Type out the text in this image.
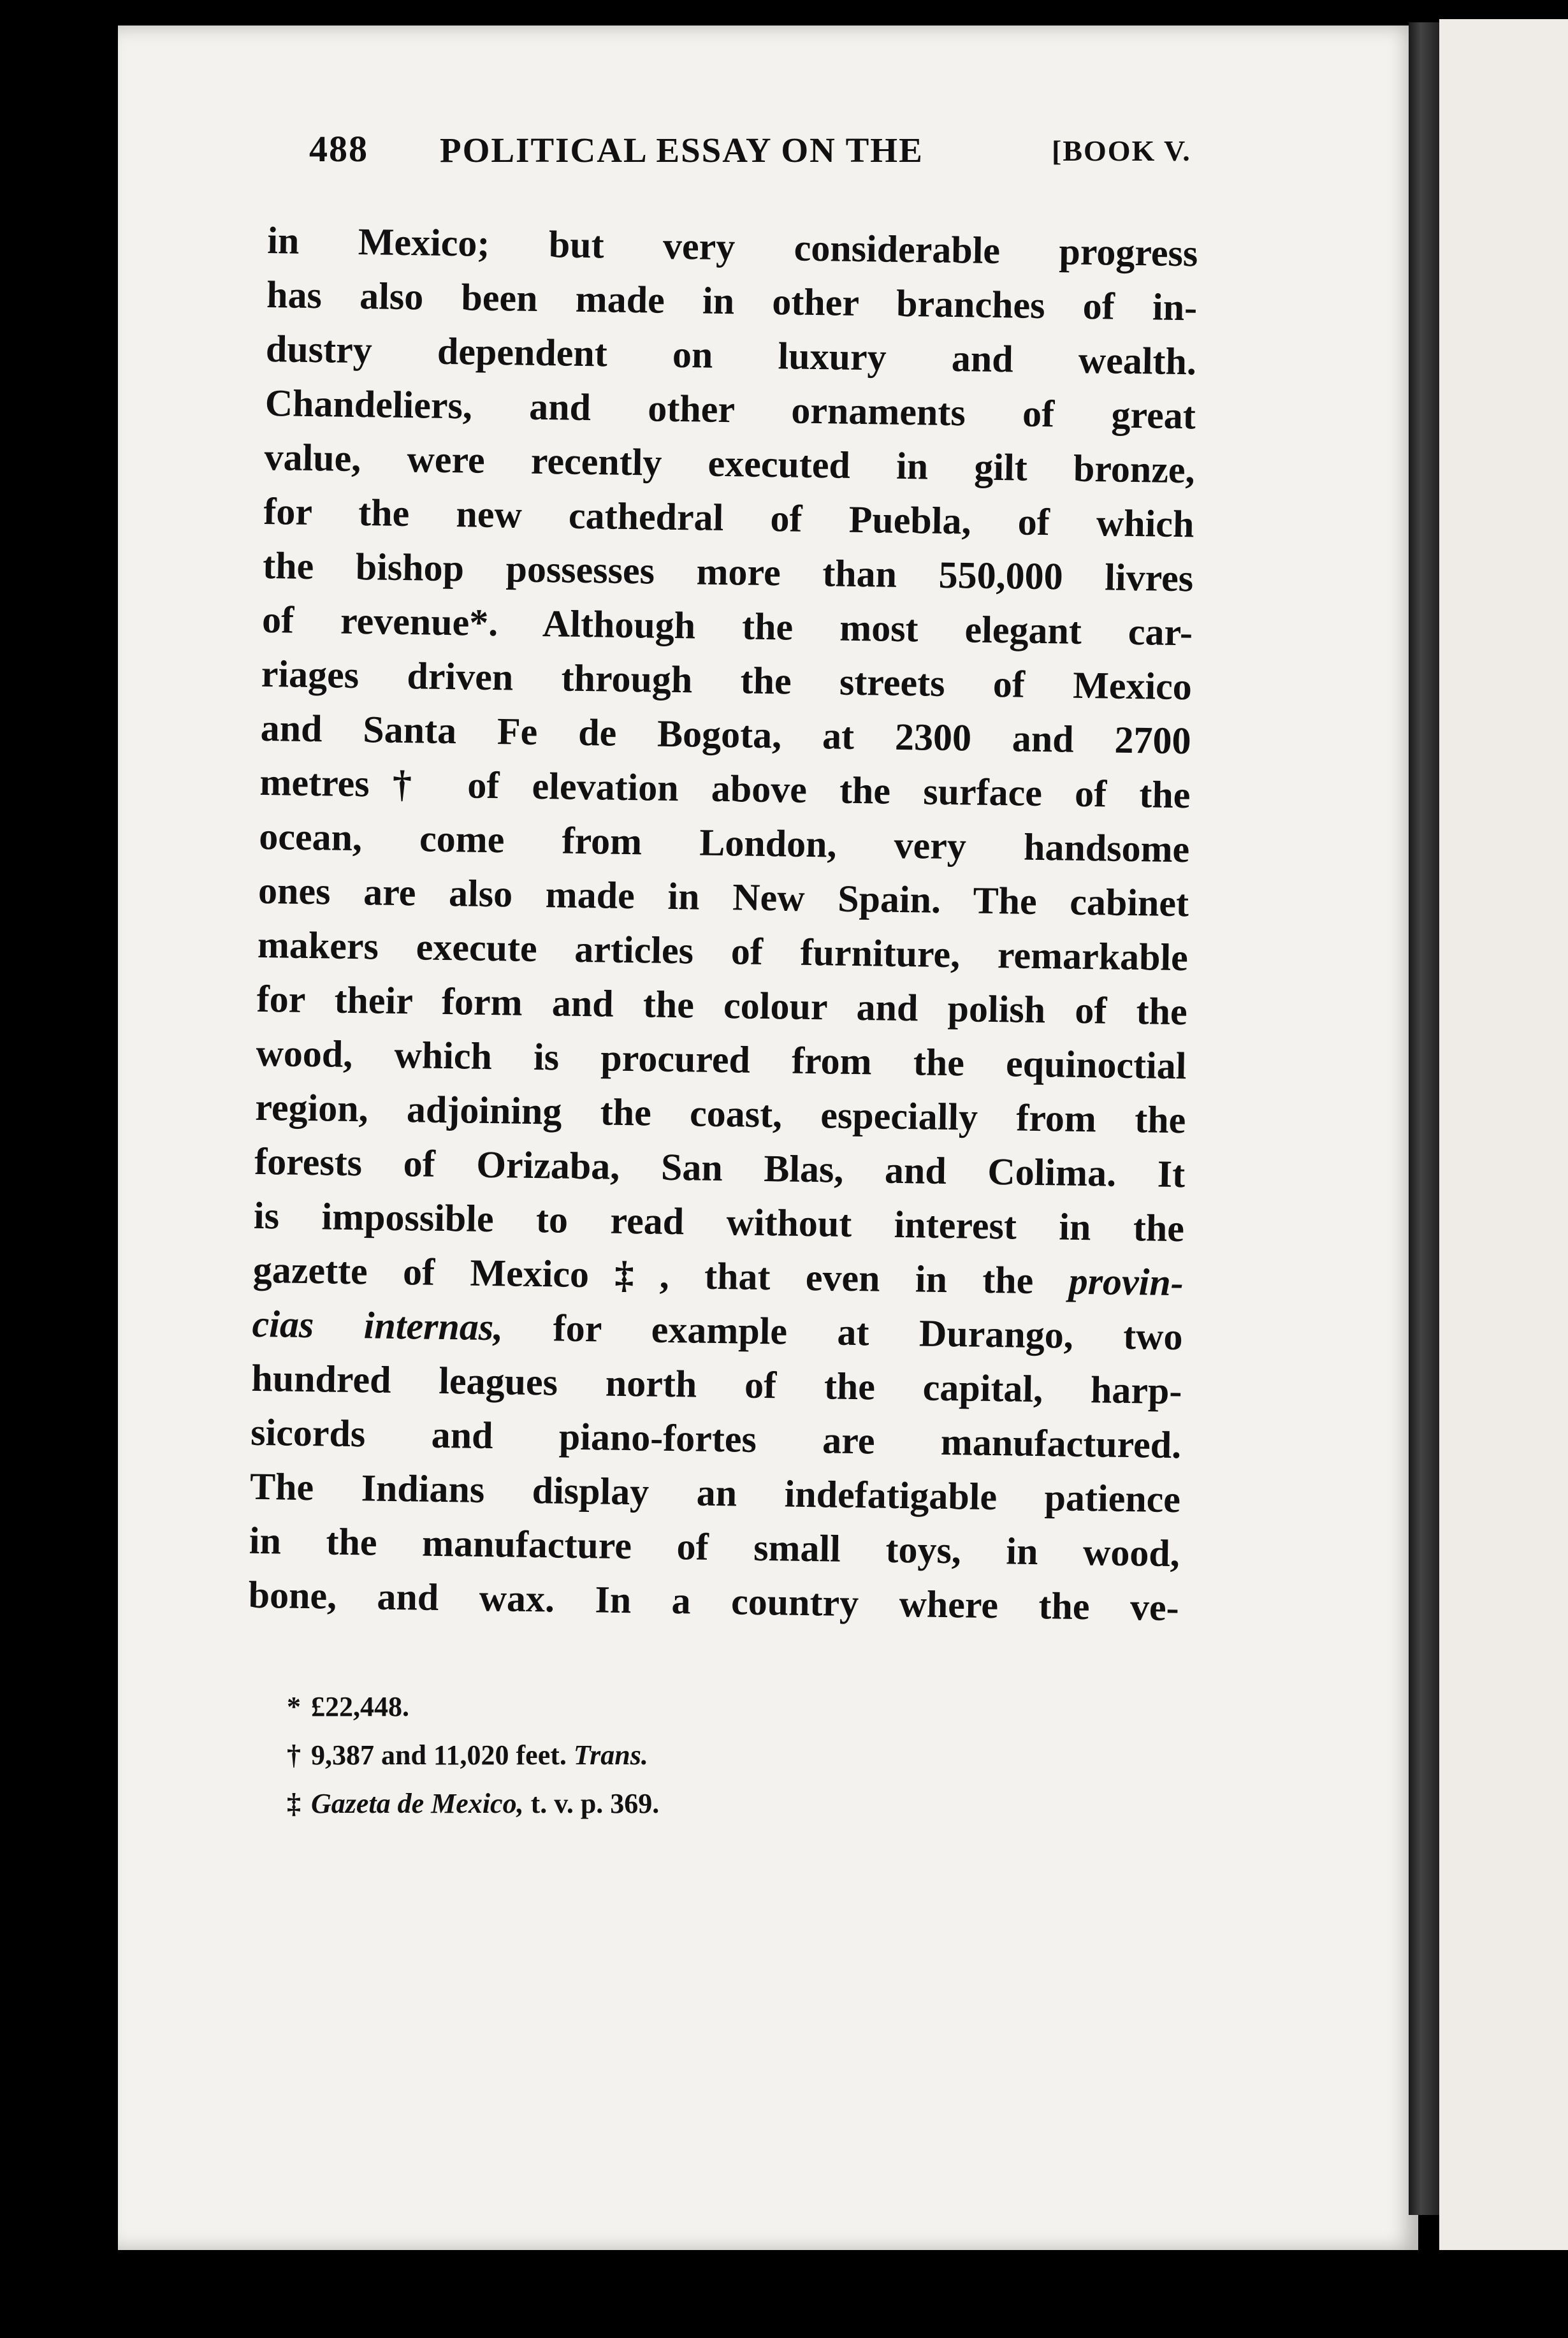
488 POLITICAL ESSAY ON THE	[BOOK V.
in Mexico; but very considerable progress
has also been made in other branches of in-
dustry dependent on luxury and wealth.
Chandeliers, and other ornaments of great
value, were recently executed in gilt bronze,
for the new cathedral of Puebla, of which
the bishop possesses more than 550,000 livres
of revenue*. Although the most elegant car-
riages driven through the streets of Mexico
and Santa Fe de Bogota, at 2300 and 2700
metres† of elevation above the surface of the
ocean, come from London, very handsome
ones are also made in New Spain. The cabinet
makers execute articles of furniture, remarkable
for their form and the colour and polish of the
wood, which is procured from the equinoctial
region, adjoining the coast, especially from the
forests of Orizaba, San Blas, and Colima. It
is impossible to read without interest in the
gazette of Mexico‡, that even in the provin-
cias internas, for example at Durango, two
hundred leagues north of the capital, harp-
sicords and piano-fortes are manufactured.
The Indians display an indefatigable patience
in the manufacture of small toys, in wood,
bone, and wax. In a country where the ve-
* £22,448.
† 9,387 and 11,020 feet. Trans.
‡ Gazeta de Mexico, t. v. p. 369.
